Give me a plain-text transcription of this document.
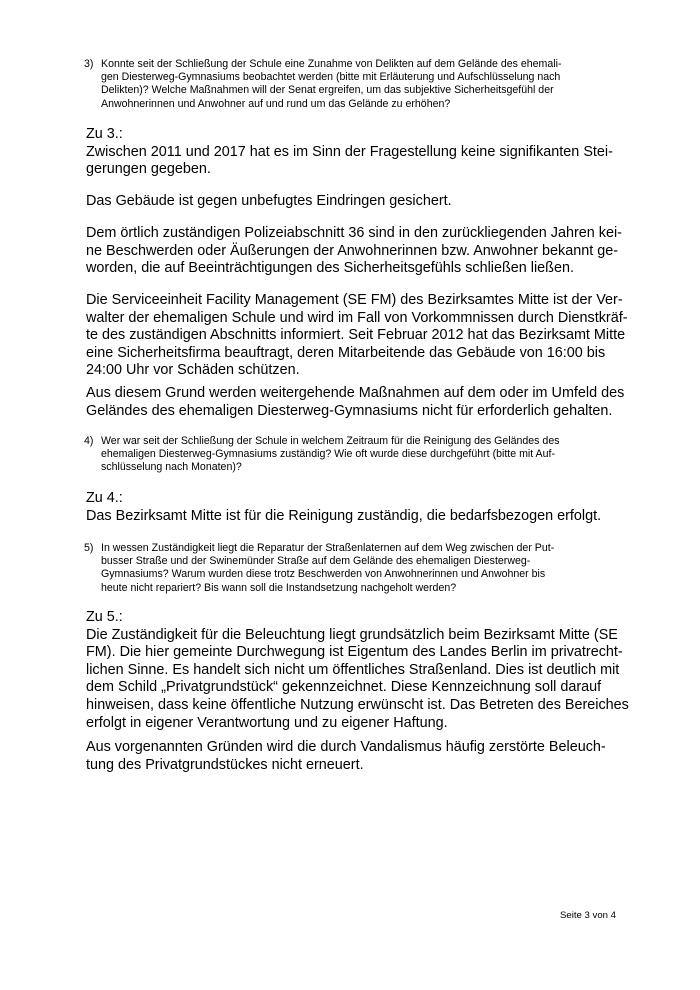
3) Konnte seit der Schließung der Schule eine Zunahme von Delikten auf dem Gelände des ehemali-
gen Diesterweg-Gymnasiums beobachtet werden (bitte mit Erläuterung und Aufschlüsselung nach
Delikten)? Welche Maßnahmen will der Senat ergreifen, um das subjektive Sicherheitsgefühl der
Anwohnerinnen und Anwohner auf und rund um das Gelände zu erhöhen?
Zu 3.:
Zwischen 2011 und 2017 hat es im Sinn der Fragestellung keine signifikanten Stei-
gerungen gegeben.
Das Gebäude ist gegen unbefugtes Eindringen gesichert.
Dem örtlich zuständigen Polizeiabschnitt 36 sind in den zurückliegenden Jahren kei-
ne Beschwerden oder Äußerungen der Anwohnerinnen bzw. Anwohner bekannt ge-
worden, die auf Beeinträchtigungen des Sicherheitsgefühls schließen ließen.
Die Serviceeinheit Facility Management (SE FM) des Bezirksamtes Mitte ist der Ver-
walter der ehemaligen Schule und wird im Fall von Vorkommnissen durch Dienstkräf-
te des zuständigen Abschnitts informiert. Seit Februar 2012 hat das Bezirksamt Mitte
eine Sicherheitsfirma beauftragt, deren Mitarbeitende das Gebäude von 16:00 bis
24:00 Uhr vor Schäden schützen.
Aus diesem Grund werden weitergehende Maßnahmen auf dem oder im Umfeld des
Geländes des ehemaligen Diesterweg-Gymnasiums nicht für erforderlich gehalten.
4) Wer war seit der Schließung der Schule in welchem Zeitraum für die Reinigung des Geländes des
ehemaligen Diesterweg-Gymnasiums zuständig? Wie oft wurde diese durchgeführt (bitte mit Auf-
schlüsselung nach Monaten)?
Zu 4.:
Das Bezirksamt Mitte ist für die Reinigung zuständig, die bedarfsbezogen erfolgt.
5) In wessen Zuständigkeit liegt die Reparatur der Straßenlaternen auf dem Weg zwischen der Put-
busser Straße und der Swinemünder Straße auf dem Gelände des ehemaligen Diesterweg-
Gymnasiums? Warum wurden diese trotz Beschwerden von Anwohnerinnen und Anwohner bis
heute nicht repariert? Bis wann soll die Instandsetzung nachgeholt werden?
Zu 5.:
Die Zuständigkeit für die Beleuchtung liegt grundsätzlich beim Bezirksamt Mitte (SE
FM). Die hier gemeinte Durchwegung ist Eigentum des Landes Berlin im privatrecht-
lichen Sinne. Es handelt sich nicht um öffentliches Straßenland. Dies ist deutlich mit
dem Schild „Privatgrundstück“ gekennzeichnet. Diese Kennzeichnung soll darauf
hinweisen, dass keine öffentliche Nutzung erwünscht ist. Das Betreten des Bereiches
erfolgt in eigener Verantwortung und zu eigener Haftung.
Aus vorgenannten Gründen wird die durch Vandalismus häufig zerstörte Beleuch-
tung des Privatgrundstückes nicht erneuert.
Seite 3 von 4
